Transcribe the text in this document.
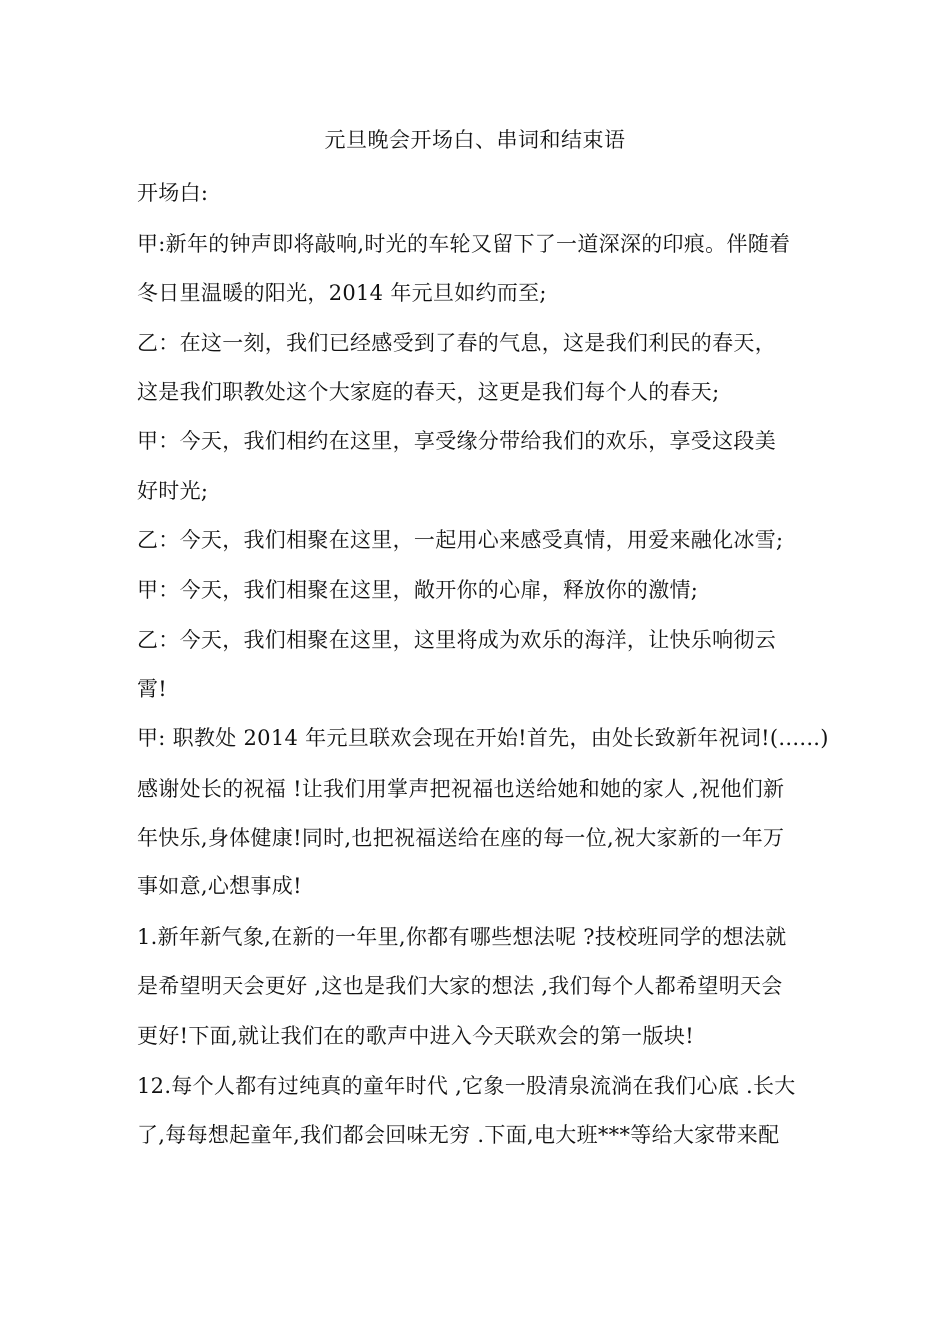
元旦晚会开场白、串词和结束语
开场白:
甲:新年的钟声即将敲响,时光的车轮又留下了一道深深的印痕。伴随着
冬日里温暖的阳光，2014 年元旦如约而至;
乙：在这一刻，我们已经感受到了春的气息，这是我们利民的春天，
这是我们职教处这个大家庭的春天，这更是我们每个人的春天;
甲：今天，我们相约在这里，享受缘分带给我们的欢乐，享受这段美
好时光;
乙：今天，我们相聚在这里，一起用心来感受真情，用爱来融化冰雪;
甲：今天，我们相聚在这里，敞开你的心扉，释放你的激情;
乙：今天，我们相聚在这里，这里将成为欢乐的海洋，让快乐响彻云
霄!
甲: 职教处 2014 年元旦联欢会现在开始!首先，由处长致新年祝词!(......)
感谢处长的祝福 !让我们用掌声把祝福也送给她和她的家人 ,祝他们新
年快乐,身体健康!同时,也把祝福送给在座的每一位,祝大家新的一年万
事如意,心想事成!
1.新年新气象,在新的一年里,你都有哪些想法呢 ?技校班同学的想法就
是希望明天会更好 ,这也是我们大家的想法 ,我们每个人都希望明天会
更好!下面,就让我们在的歌声中进入今天联欢会的第一版块!
12.每个人都有过纯真的童年时代 ,它象一股清泉流淌在我们心底 .长大
了,每每想起童年,我们都会回味无穷 .下面,电大班***等给大家带来配
